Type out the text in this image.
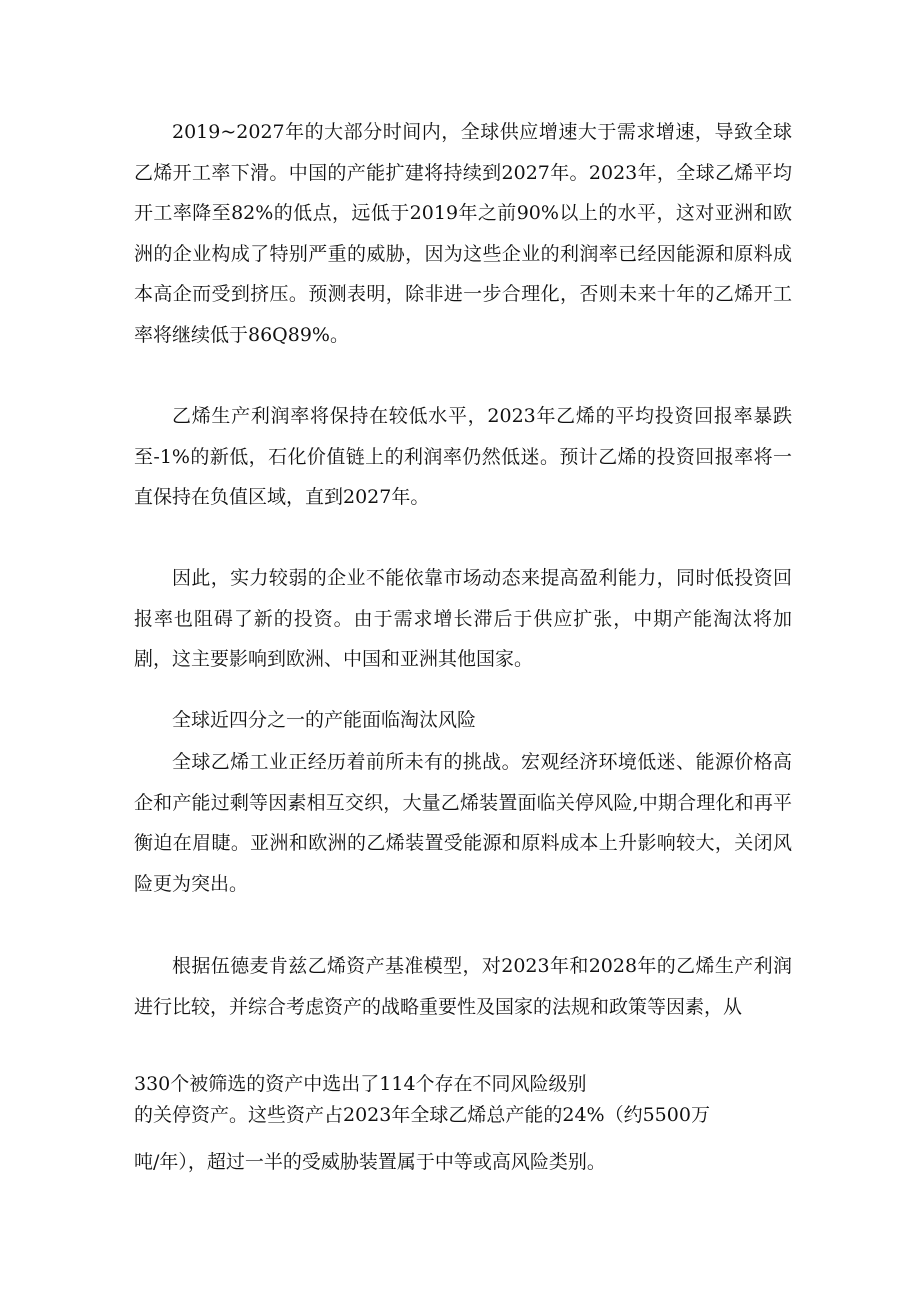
2019~2027年的大部分时间内，全球供应增速大于需求增速，导致全球乙烯开工率下滑。中国的产能扩建将持续到2027年。2023年，全球乙烯平均开工率降至82%的低点，远低于2019年之前90%以上的水平，这对亚洲和欧洲的企业构成了特别严重的威胁，因为这些企业的利润率已经因能源和原料成本高企而受到挤压。预测表明，除非进一步合理化，否则未来十年的乙烯开工率将继续低于86Q89%。

乙烯生产利润率将保持在较低水平，2023年乙烯的平均投资回报率暴跌至-1%的新低，石化价值链上的利润率仍然低迷。预计乙烯的投资回报率将一直保持在负值区域，直到2027年。

因此，实力较弱的企业不能依靠市场动态来提高盈利能力，同时低投资回报率也阻碍了新的投资。由于需求增长滞后于供应扩张，中期产能淘汰将加剧，这主要影响到欧洲、中国和亚洲其他国家。

全球近四分之一的产能面临淘汰风险

全球乙烯工业正经历着前所未有的挑战。宏观经济环境低迷、能源价格高企和产能过剩等因素相互交织，大量乙烯装置面临关停风险,中期合理化和再平衡迫在眉睫。亚洲和欧洲的乙烯装置受能源和原料成本上升影响较大，关闭风险更为突出。

根据伍德麦肯兹乙烯资产基准模型，对2023年和2028年的乙烯生产利润进行比较，并综合考虑资产的战略重要性及国家的法规和政策等因素，从

330个被筛选的资产中选出了114个存在不同风险级别

的关停资产。这些资产占2023年全球乙烯总产能的24%（约5500万

吨/年），超过一半的受威胁装置属于中等或高风险类别。
